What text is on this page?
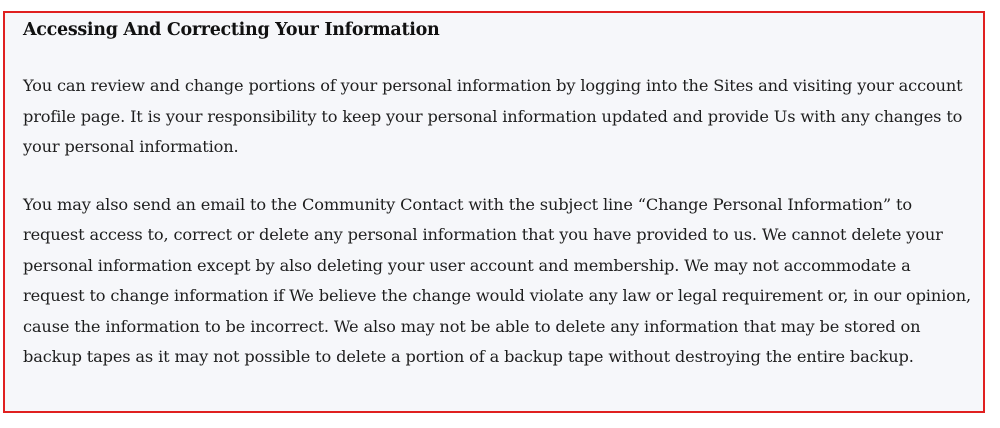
Accessing And Correcting Your Information

You can review and change portions of your personal information by logging into the Sites and visiting your account profile page. It is your responsibility to keep your personal information updated and provide Us with any changes to your personal information.

You may also send an email to the Community Contact with the subject line “Change Personal Information” to request access to, correct or delete any personal information that you have provided to us. We cannot delete your personal information except by also deleting your user account and membership. We may not accommodate a request to change information if We believe the change would violate any law or legal requirement or, in our opinion, cause the information to be incorrect. We also may not be able to delete any information that may be stored on backup tapes as it may not possible to delete a portion of a backup tape without destroying the entire backup.
